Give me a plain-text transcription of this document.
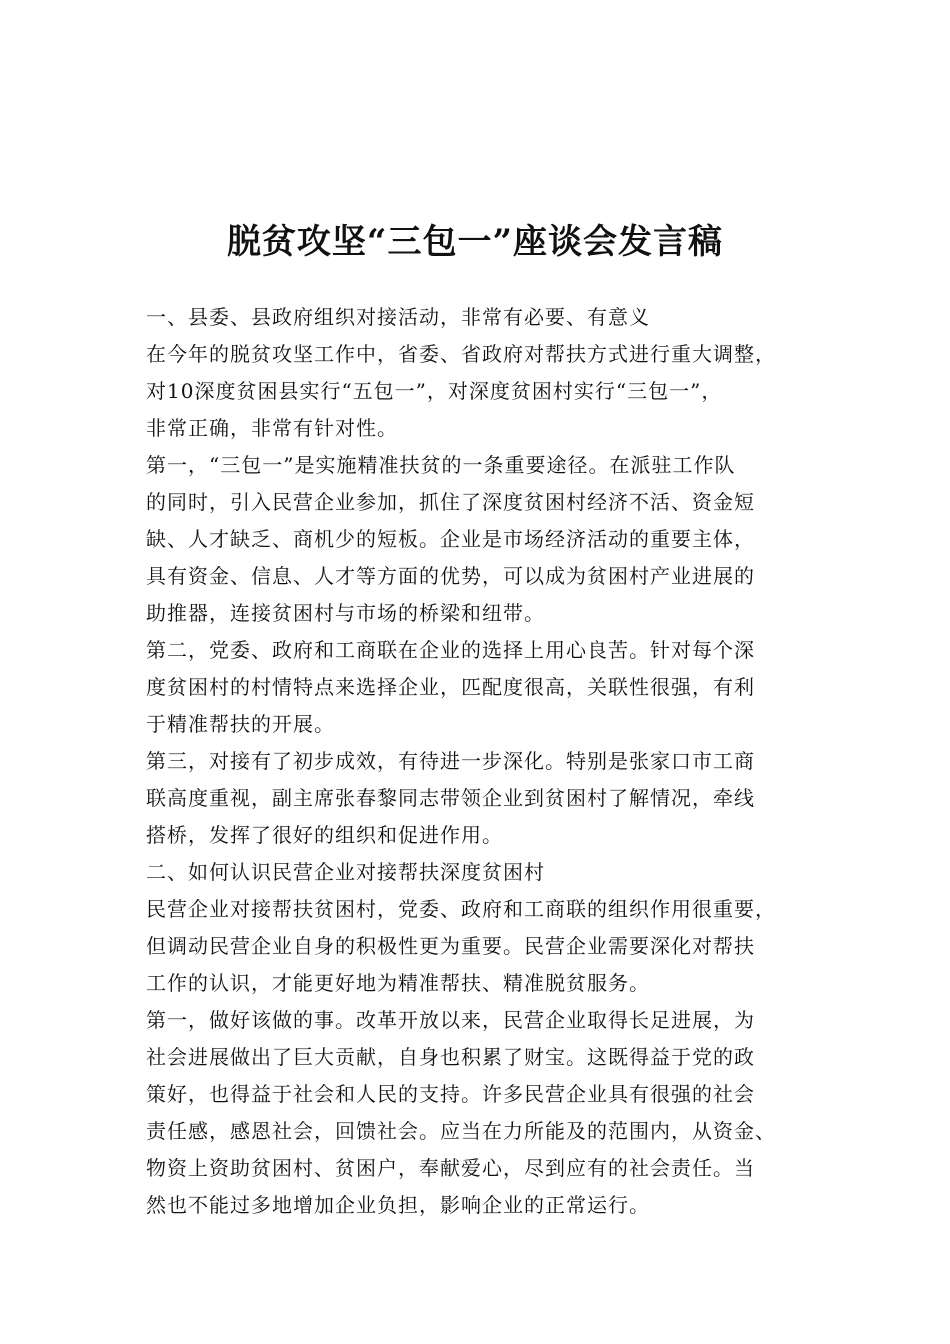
脱贫攻坚“三包一”座谈会发言稿
一、县委、县政府组织对接活动，非常有必要、有意义
在今年的脱贫攻坚工作中，省委、省政府对帮扶方式进行重大调整，
对10深度贫困县实行“五包一”，对深度贫困村实行“三包一”，
非常正确，非常有针对性。
第一，“三包一”是实施精准扶贫的一条重要途径。在派驻工作队
的同时，引入民营企业参加，抓住了深度贫困村经济不活、资金短
缺、人才缺乏、商机少的短板。企业是市场经济活动的重要主体，
具有资金、信息、人才等方面的优势，可以成为贫困村产业进展的
助推器，连接贫困村与市场的桥梁和纽带。
第二，党委、政府和工商联在企业的选择上用心良苦。针对每个深
度贫困村的村情特点来选择企业，匹配度很高，关联性很强，有利
于精准帮扶的开展。
第三，对接有了初步成效，有待进一步深化。特别是张家口市工商
联高度重视，副主席张春黎同志带领企业到贫困村了解情况，牵线
搭桥，发挥了很好的组织和促进作用。
二、如何认识民营企业对接帮扶深度贫困村
民营企业对接帮扶贫困村，党委、政府和工商联的组织作用很重要，
但调动民营企业自身的积极性更为重要。民营企业需要深化对帮扶
工作的认识，才能更好地为精准帮扶、精准脱贫服务。
第一，做好该做的事。改革开放以来，民营企业取得长足进展，为
社会进展做出了巨大贡献，自身也积累了财宝。这既得益于党的政
策好，也得益于社会和人民的支持。许多民营企业具有很强的社会
责任感，感恩社会，回馈社会。应当在力所能及的范围内，从资金、
物资上资助贫困村、贫困户，奉献爱心，尽到应有的社会责任。当
然也不能过多地增加企业负担，影响企业的正常运行。
